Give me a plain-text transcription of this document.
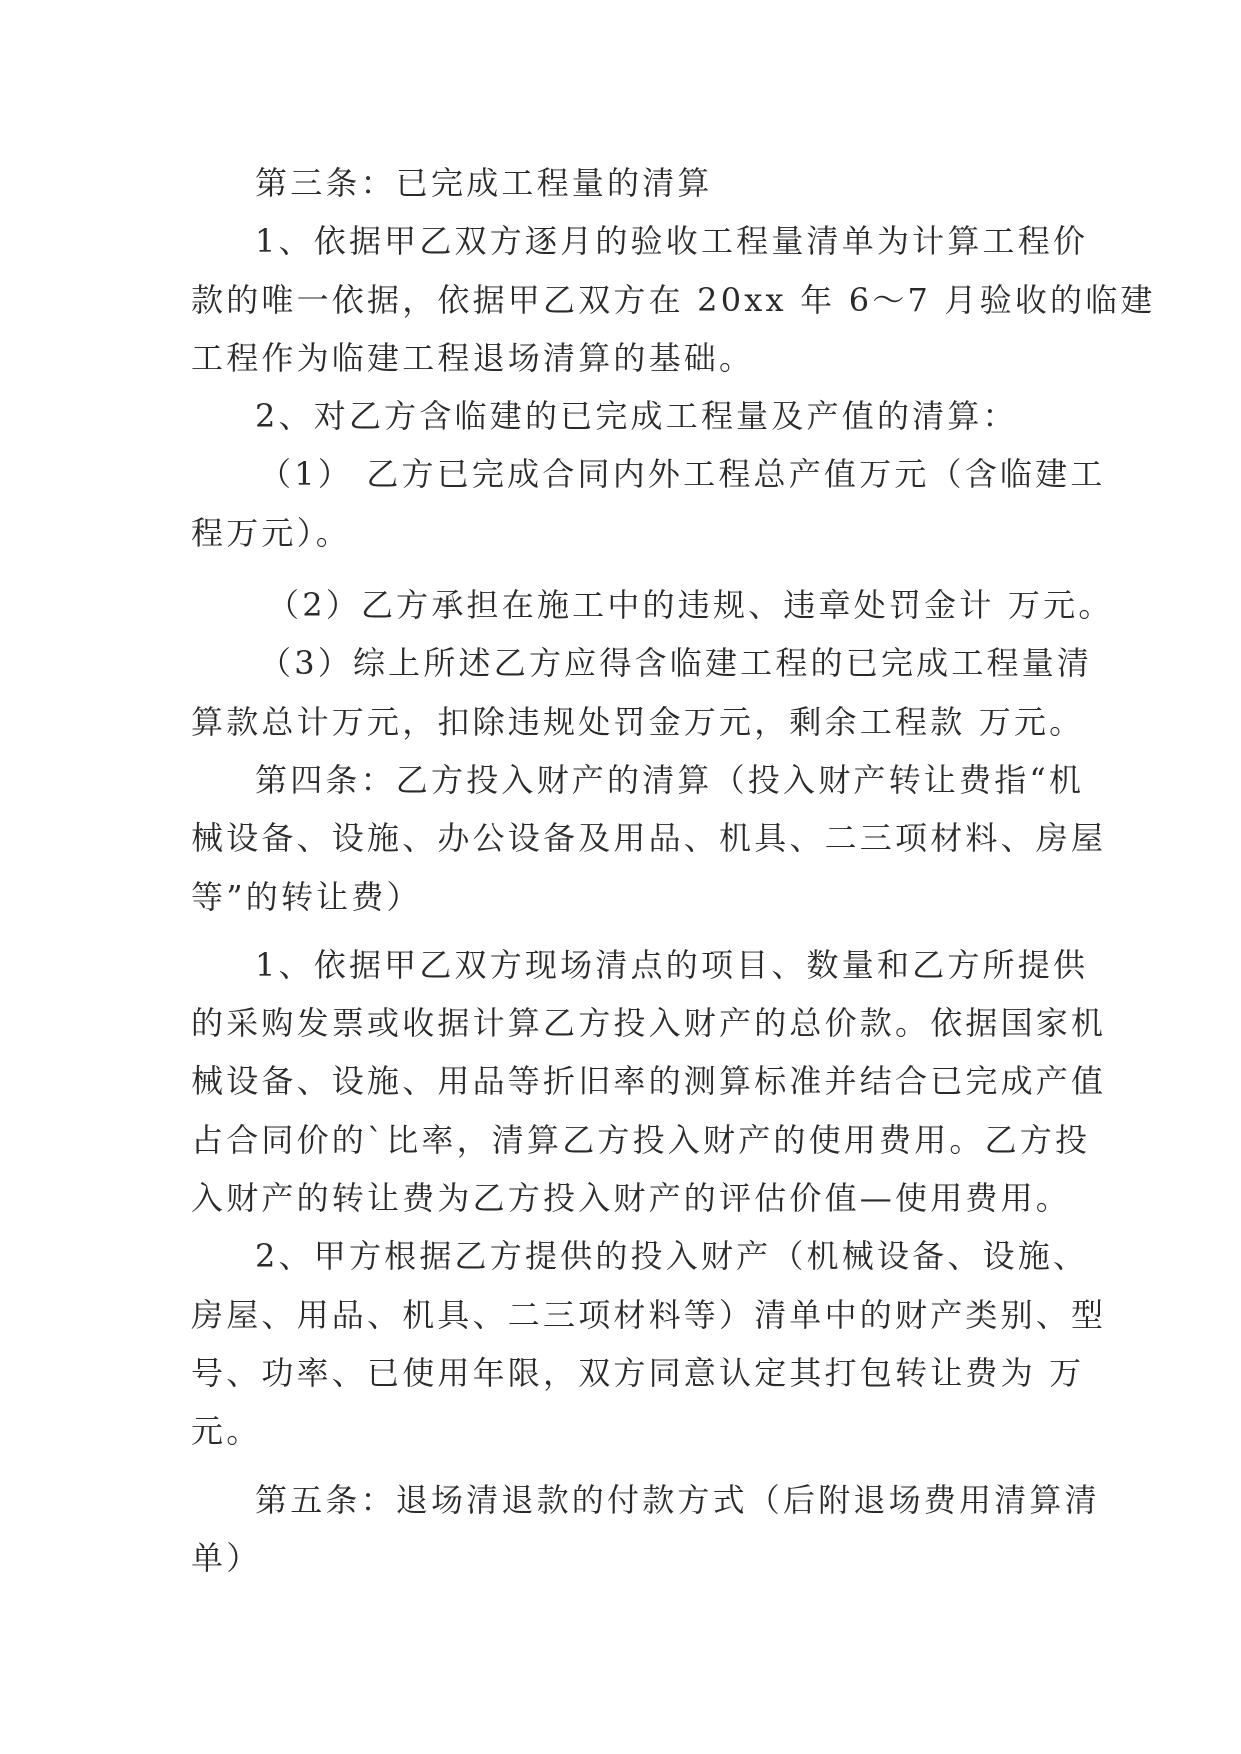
第三条：已完成工程量的清算
1、依据甲乙双方逐月的验收工程量清单为计算工程价
款的唯一依据，依据甲乙双方在 20xx 年 6～7 月验收的临建
工程作为临建工程退场清算的基础。
2、对乙方含临建的已完成工程量及产值的清算：
（1） 乙方已完成合同内外工程总产值万元（含临建工
程万元）。
（2）乙方承担在施工中的违规、违章处罚金计 万元。
（3）综上所述乙方应得含临建工程的已完成工程量清
算款总计万元，扣除违规处罚金万元，剩余工程款 万元。
第四条：乙方投入财产的清算（投入财产转让费指“机
械设备、设施、办公设备及用品、机具、二三项材料、房屋
等”的转让费）
1、依据甲乙双方现场清点的项目、数量和乙方所提供
的采购发票或收据计算乙方投入财产的总价款。依据国家机
械设备、设施、用品等折旧率的测算标准并结合已完成产值
占合同价的`比率，清算乙方投入财产的使用费用。乙方投
入财产的转让费为乙方投入财产的评估价值—使用费用。
2、甲方根据乙方提供的投入财产（机械设备、设施、
房屋、用品、机具、二三项材料等）清单中的财产类别、型
号、功率、已使用年限，双方同意认定其打包转让费为 万
元。
第五条：退场清退款的付款方式（后附退场费用清算清
单）
